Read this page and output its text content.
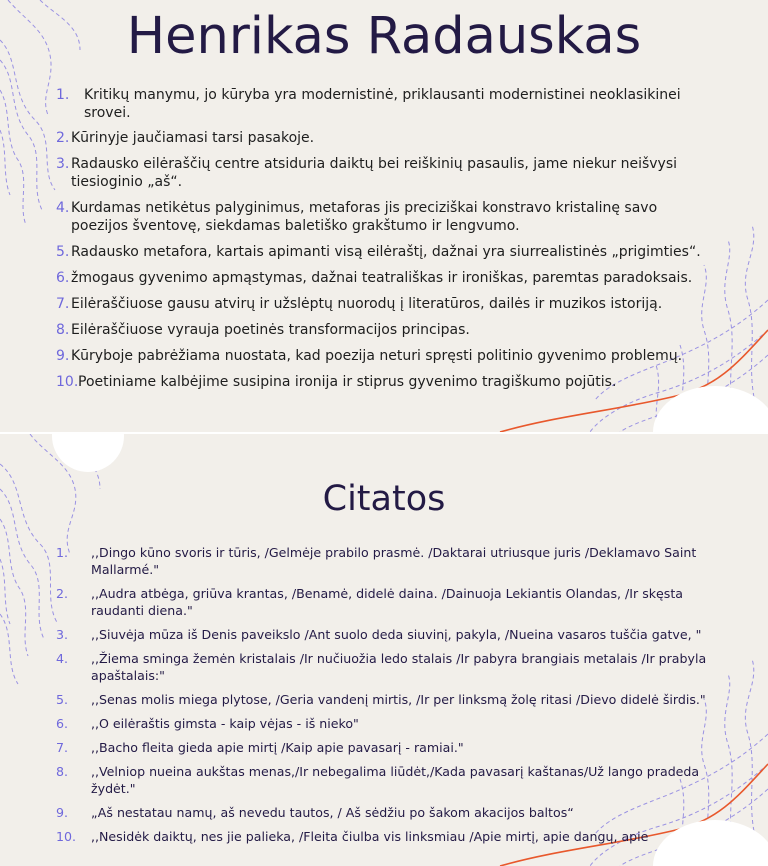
Henrikas Radauskas
1.	Kritikų manymu, jo kūryba yra modernistinė, priklausanti modernistinei neoklasikinei srovei.
2. Kūrinyje jaučiamasi tarsi pasakoje.
3. Radausko eilėraščių centre atsiduria daiktų bei reiškinių pasaulis, jame niekur neišvysi tiesioginio „aš“.
4. Kurdamas netikėtus palyginimus, metaforas jis preciziškai konstravo kristalinę savo poezijos šventovę, siekdamas baletiško grakštumo ir lengvumo.
5. Radausko metafora, kartais apimanti visą eilėraštį, dažnai yra siurrealistinės „prigimties“.
6. žmogaus gyvenimo apmąstymas, dažnai teatrališkas ir ironiškas, paremtas paradoksais.
7. Eilėraščiuose gausu atvirų ir užslėptų nuorodų į literatūros, dailės ir muzikos istoriją.
8. Eilėraščiuose vyrauja poetinės transformacijos principas.
9. Kūryboje pabrėžiama nuostata, kad poezija neturi spręsti politinio gyvenimo problemų.
10. Poetiniame kalbėjime susipina ironija ir stiprus gyvenimo tragiškumo pojūtis.
Citatos
1.	,,Dingo kūno svoris ir tūris, /Gelmėje prabilo prasmė. /Daktarai utriusque juris /Deklamavo Saint Mallarmé."
2.	,,Audra atbėga, griūva krantas, /Benamė, didelė daina. /Dainuoja Lekiantis Olandas, /Ir skęsta raudanti diena."
3.	,,Siuvėja mūza iš Denis paveikslo /Ant suolo deda siuvinį, pakyla, /Nueina vasaros tuščia gatve, "
4.	,,Žiema sminga žemėn kristalais /Ir nučiuožia ledo stalais /Ir pabyra brangiais metalais /Ir prabyla apaštalais:"
5.	,,Senas molis miega plytose, /Geria vandenį mirtis, /Ir per linksmą žolę ritasi /Dievo didelė širdis."
6.	,,O eilėraštis gimsta - kaip vėjas - iš nieko"
7.	,,Bacho fleita gieda apie mirtį /Kaip apie pavasarį - ramiai."
8.	,,Velniop nueina aukštas menas,/Ir nebegalima liūdėt,/Kada pavasarį kaštanas/Už lango pradeda žydėt."
9.	„Aš nestatau namų, aš nevedu tautos, / Aš sėdžiu po šakom akacijos baltos“
10.	,,Nesidėk daiktų, nes jie palieka, /Fleita čiulba vis linksmiau /Apie mirtį, apie dangų, apie
